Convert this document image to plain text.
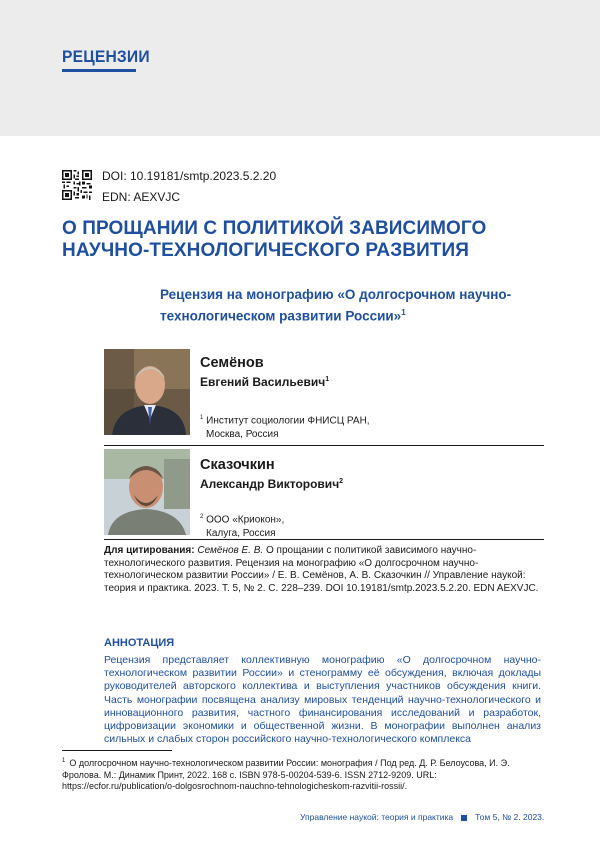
РЕЦЕНЗИИ
DOI: 10.19181/smtp.2023.5.2.20
EDN: AEXVJC
О ПРОЩАНИИ С ПОЛИТИКОЙ ЗАВИСИМОГО НАУЧНО-ТЕХНОЛОГИЧЕСКОГО РАЗВИТИЯ
Рецензия на монографию «О долгосрочном научно-технологическом развитии России»$^1$
Семёнов
Евгений Васильевич$^1$
$^1$ Институт социологии ФНИСЦ РАН,
Москва, Россия
Сказочкин
Александр Викторович$^2$
$^2$ ООО «Криокон»,
Калуга, Россия
Для цитирования: Семёнов Е. В. О прощании с политикой зависимого научно-технологического развития. Рецензия на монографию «О долгосрочном научно-технологическом развитии России» / Е. В. Семёнов, А. В. Сказочкин // Управление наукой: теория и практика. 2023. Т. 5, № 2. С. 228–239. DOI 10.19181/smtp.2023.5.2.20. EDN AEXVJC.
АННОТАЦИЯ
Рецензия представляет коллективную монографию «О долгосрочном научно-технологическом развитии России» и стенограмму её обсуждения, включая доклады руководителей авторского коллектива и выступления участников обсуждения книги. Часть монографии посвящена анализу мировых тенденций научно-технологического и инновационного развития, частного финансирования исследований и разработок, цифровизации экономики и общественной жизни. В монографии выполнен анализ сильных и слабых сторон российского научно-технологического комплекса
$^1$ О долгосрочном научно-технологическом развитии России: монография / Под ред. Д. Р. Белоусова, И. Э. Фролова. М.: Динамик Принт, 2022. 168 с. ISBN 978-5-00204-539-6. ISSN 2712-9209. URL: https://ecfor.ru/publication/o-dolgosrochnom-nauchno-tehnologicheskom-razvitii-rossii/.
Управление наукой: теория и практика	Том 5, № 2. 2023.
